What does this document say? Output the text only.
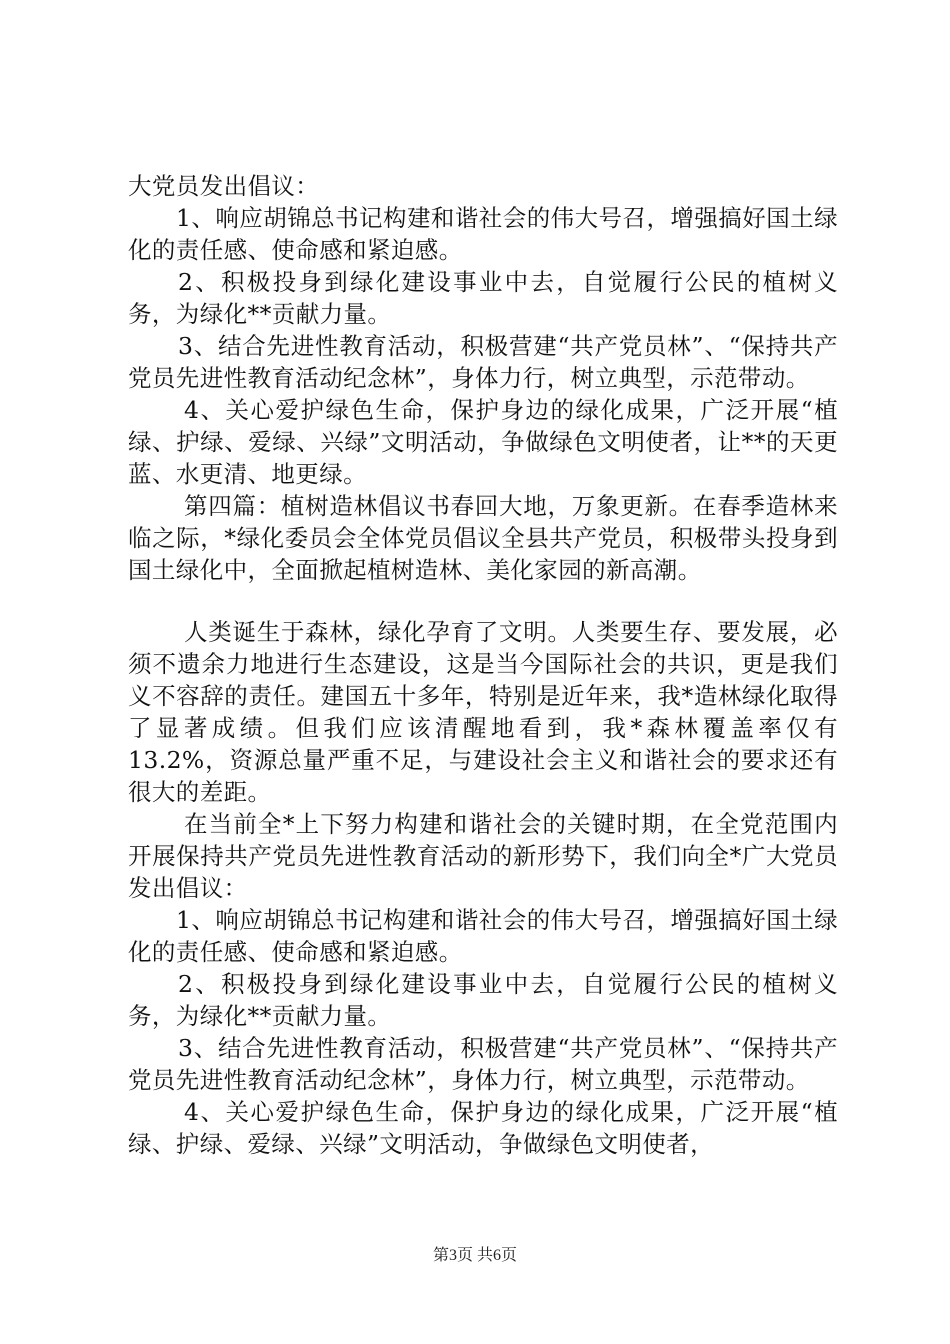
大党员发出倡议：

1、响应胡锦总书记构建和谐社会的伟大号召，增强搞好国土绿化的责任感、使命感和紧迫感。

2、积极投身到绿化建设事业中去，自觉履行公民的植树义务，为绿化**贡献力量。

3、结合先进性教育活动，积极营建“共产党员林”、“保持共产党员先进性教育活动纪念林”，身体力行，树立典型，示范带动。

4、关心爱护绿色生命，保护身边的绿化成果，广泛开展“植绿、护绿、爱绿、兴绿”文明活动，争做绿色文明使者，让**的天更蓝、水更清、地更绿。

第四篇：植树造林倡议书春回大地，万象更新。在春季造林来临之际，*绿化委员会全体党员倡议全县共产党员，积极带头投身到国土绿化中，全面掀起植树造林、美化家园的新高潮。

人类诞生于森林，绿化孕育了文明。人类要生存、要发展，必须不遗余力地进行生态建设，这是当今国际社会的共识，更是我们义不容辞的责任。建国五十多年，特别是近年来，我*造林绿化取得了显著成绩。但我们应该清醒地看到，我*森林覆盖率仅有13.2%，资源总量严重不足，与建设社会主义和谐社会的要求还有很大的差距。

在当前全*上下努力构建和谐社会的关键时期，在全党范围内开展保持共产党员先进性教育活动的新形势下，我们向全*广大党员发出倡议：

1、响应胡锦总书记构建和谐社会的伟大号召，增强搞好国土绿化的责任感、使命感和紧迫感。

2、积极投身到绿化建设事业中去，自觉履行公民的植树义务，为绿化**贡献力量。

3、结合先进性教育活动，积极营建“共产党员林”、“保持共产党员先进性教育活动纪念林”，身体力行，树立典型，示范带动。

4、关心爱护绿色生命，保护身边的绿化成果，广泛开展“植绿、护绿、爱绿、兴绿”文明活动，争做绿色文明使者，

第3页 共6页
